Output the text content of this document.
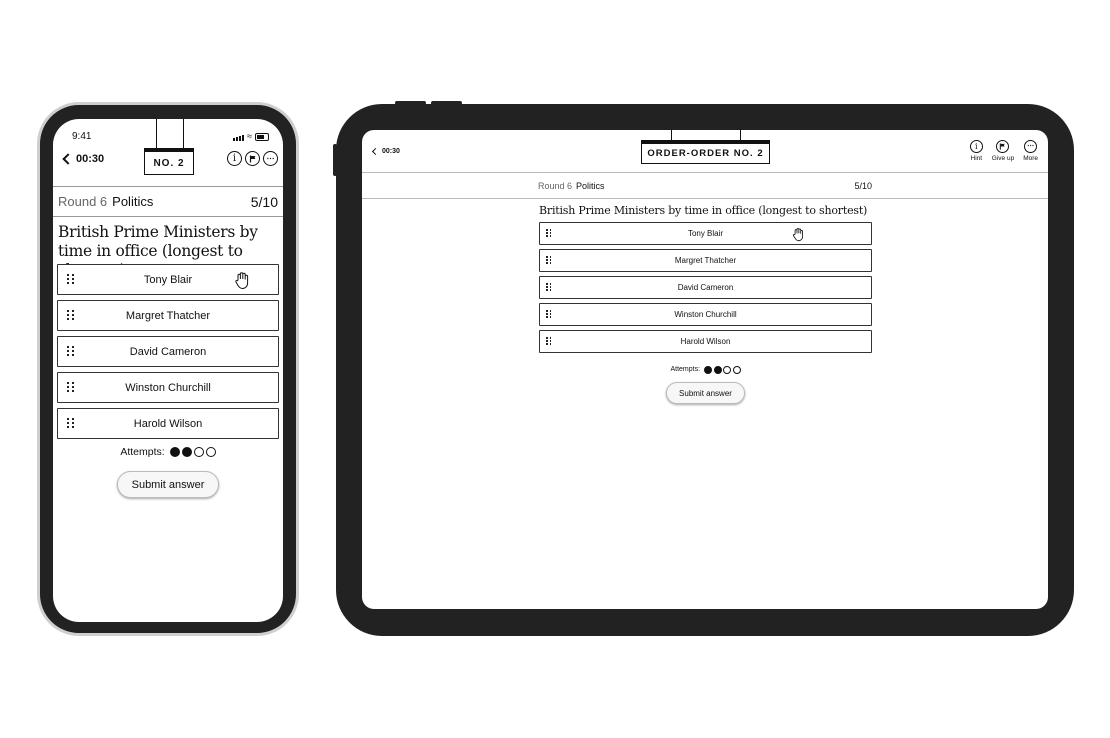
9:41	≈
00:30	NO. 2	i	⋯
Round 6 Politics	5/10
British Prime Ministers by time in office (longest to
Tony Blair
Margret Thatcher
David Cameron
Winston Churchill
Harold Wilson
Attempts:
Submit answer
00:30	ORDER-ORDER NO. 2
i
Hint Give up
⋯
More
Round 6 Politics	5/10
British Prime Ministers by time in office (longest to shortest)
Tony Blair
Margret Thatcher
David Cameron
Winston Churchill
Harold Wilson
Attempts:
Submit answer
